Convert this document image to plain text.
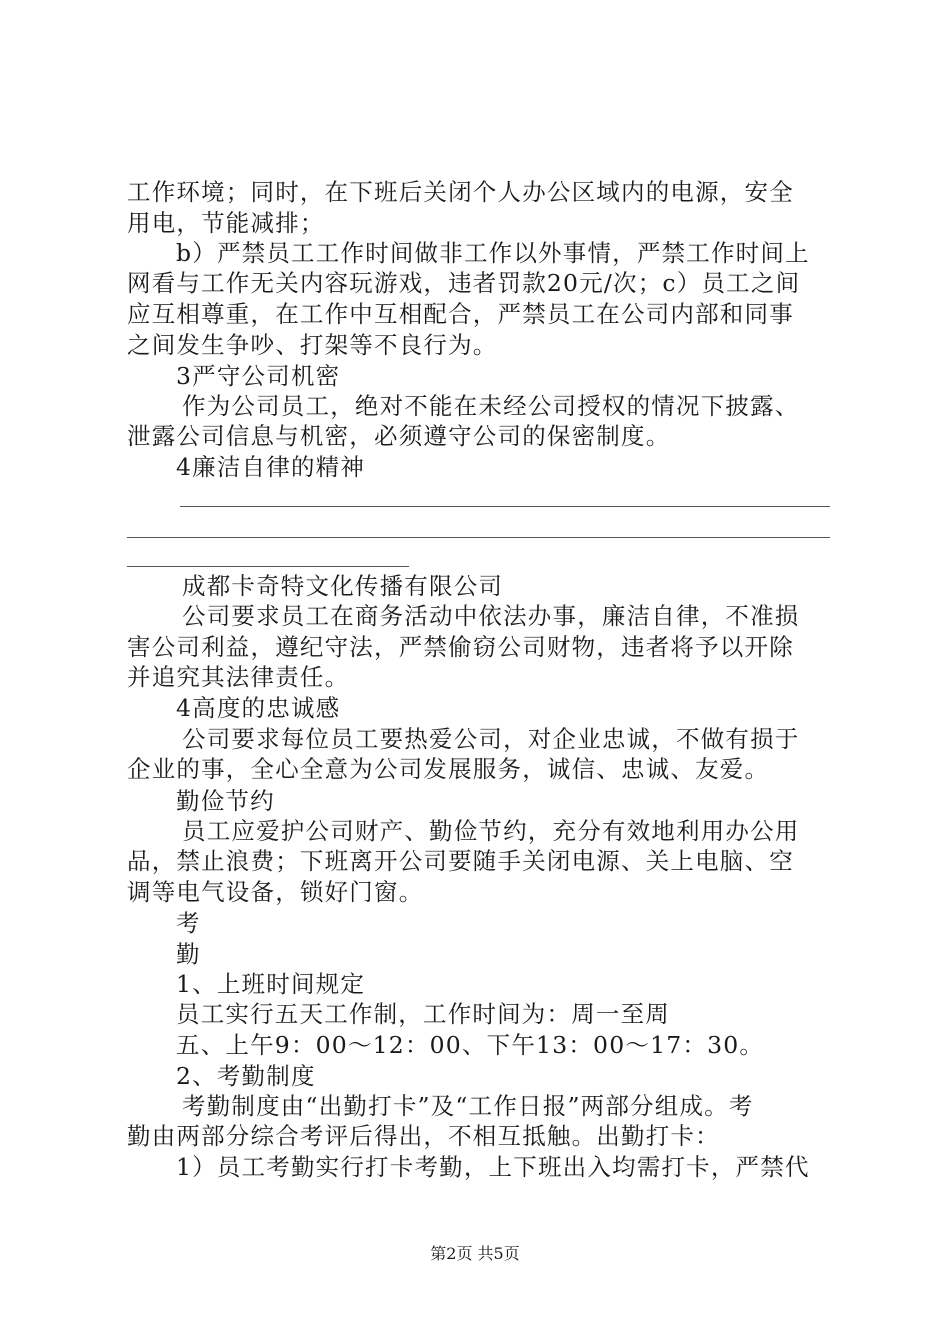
工作环境；同时，在下班后关闭个人办公区域内的电源，安全
用电，节能减排；
b）严禁员工工作时间做非工作以外事情，严禁工作时间上
网看与工作无关内容玩游戏，违者罚款20元/次；c）员工之间
应互相尊重，在工作中互相配合，严禁员工在公司内部和同事
之间发生争吵、打架等不良行为。
3严守公司机密
作为公司员工，绝对不能在未经公司授权的情况下披露、
泄露公司信息与机密，必须遵守公司的保密制度。
4廉洁自律的精神
成都卡奇特文化传播有限公司
公司要求员工在商务活动中依法办事，廉洁自律，不准损
害公司利益，遵纪守法，严禁偷窃公司财物，违者将予以开除
并追究其法律责任。
4高度的忠诚感
公司要求每位员工要热爱公司，对企业忠诚，不做有损于
企业的事，全心全意为公司发展服务，诚信、忠诚、友爱。
勤俭节约
员工应爱护公司财产、勤俭节约，充分有效地利用办公用
品，禁止浪费；下班离开公司要随手关闭电源、关上电脑、空
调等电气设备，锁好门窗。
考
勤
1、上班时间规定
员工实行五天工作制，工作时间为：周一至周
五、上午9：00～12：00、下午13：00～17：30。
2、考勤制度
考勤制度由“出勤打卡”及“工作日报”两部分组成。考
勤由两部分综合考评后得出，不相互抵触。出勤打卡：
1）员工考勤实行打卡考勤，上下班出入均需打卡，严禁代
第2页 共5页
